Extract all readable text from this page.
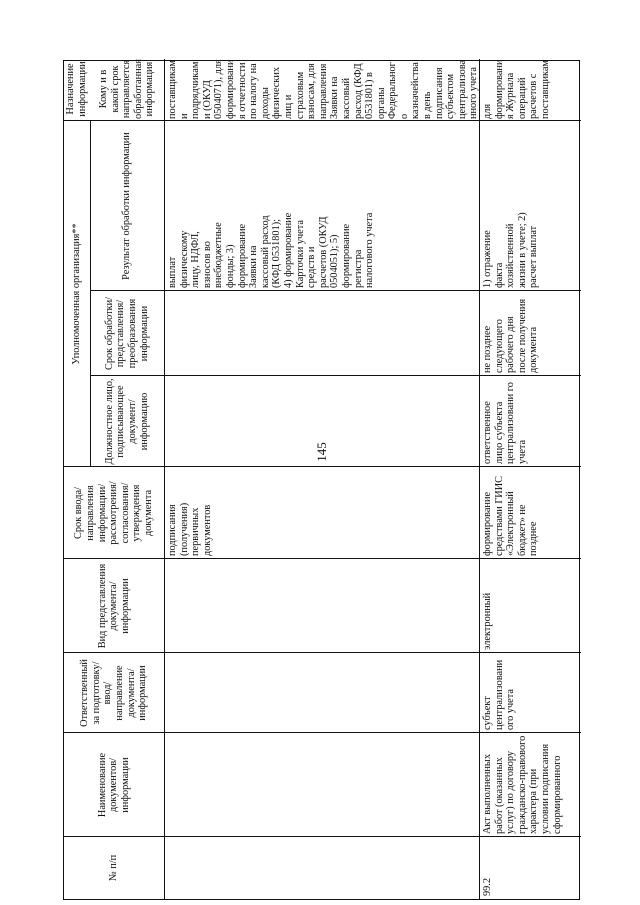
145
№ п/п
Наименование документов/информации
Ответственный за подготовку/ ввод/ направление документа/ информации
Вид представления документа/ информации
Срок ввода/ направления информации/ рассмотрения/ согласования/ утверждения документа
Должностное лицо, подписывающее документ/ информацию
Уполномоченная организация**	Срок обработки/ представления/ преобразования информации
Результат обработки информации
Назначение информации Кому и в какой срок направляется обработанная информация
подписания (получения) первичных документов
выплат физическому лицу, НДФЛ, взносов во внебюджетные фонды; 3) формирование Заявки на кассовый расход (КФД 0531801); 4) формирование Карточки учета средств и расчетов (ОКУД 0504051); 5) формирование регистра налогового учета
поставщикам и подрядчикам и (ОКУД 0504071), для формировани я отчетности по налогу на доходы физических лиц и страховым взносам, для направления Заявки на кассовый расход (КФД 0531801) в органы Федеральног о казначейства в день подписания субъектом централизова нного учета
99.2
Акт выполненных работ (оказанных услуг) по договору гражданско-правового характера (при условии подписания сформированного
субъект централизовани ого учета
электронный
формирование средствами ГИИС «Электронный бюджет» не позднее
ответственное лицо субъекта централизовани го учета
не позднее следующего рабочего дня после получения документа
1) отражение факта хозяйственной жизни в учете; 2) расчет выплат
для формировани я Журнала операций расчетов с поставщикам
